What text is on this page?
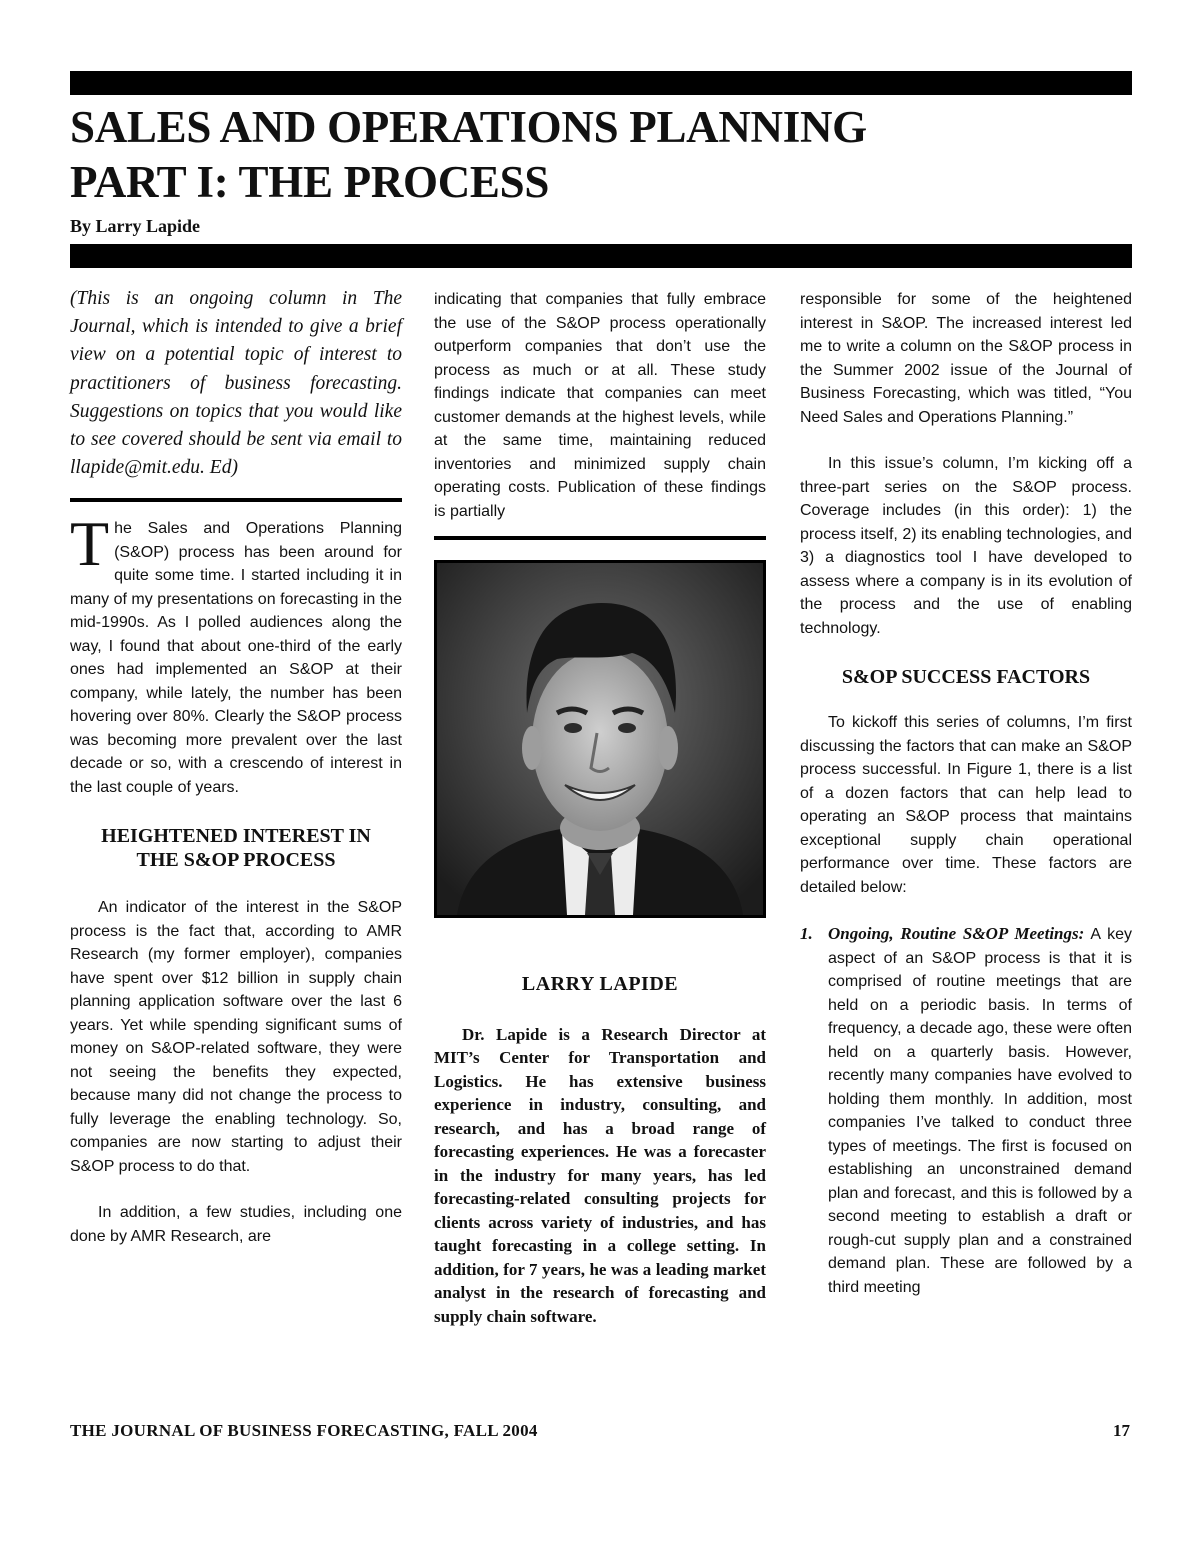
SALES AND OPERATIONS PLANNING
PART I: THE PROCESS
By Larry Lapide

(This is an ongoing column in The Journal, which is intended to give a brief view on a potential topic of interest to practitioners of business forecasting. Suggestions on topics that you would like to see covered should be sent via email to llapide@mit.edu. Ed)

The Sales and Operations Planning (S&OP) process has been around for quite some time. I started including it in many of my presentations on forecasting in the mid-1990s. As I polled audiences along the way, I found that about one-third of the early ones had implemented an S&OP at their company, while lately, the number has been hovering over 80%. Clearly the S&OP process was becoming more prevalent over the last decade or so, with a crescendo of interest in the last couple of years.

HEIGHTENED INTEREST IN
THE S&OP PROCESS

An indicator of the interest in the S&OP process is the fact that, according to AMR Research (my former employer), companies have spent over $12 billion in supply chain planning application software over the last 6 years. Yet while spending significant sums of money on S&OP-related software, they were not seeing the benefits they expected, because many did not change the process to fully leverage the enabling technology. So, companies are now starting to adjust their S&OP process to do that.

In addition, a few studies, including one done by AMR Research, are

indicating that companies that fully embrace the use of the S&OP process operationally outperform companies that don’t use the process as much or at all. These study findings indicate that companies can meet customer demands at the highest levels, while at the same time, maintaining reduced inventories and minimized supply chain operating costs. Publication of these findings is partially

LARRY LAPIDE

Dr. Lapide is a Research Director at MIT’s Center for Transportation and Logistics. He has extensive business experience in industry, consulting, and research, and has a broad range of forecasting experiences. He was a forecaster in the industry for many years, has led forecasting-related consulting projects for clients across variety of industries, and has taught forecasting in a college setting. In addition, for 7 years, he was a leading market analyst in the research of forecasting and supply chain software.

responsible for some of the heightened interest in S&OP. The increased interest led me to write a column on the S&OP process in the Summer 2002 issue of the Journal of Business Forecasting, which was titled, “You Need Sales and Operations Planning.”

In this issue’s column, I’m kicking off a three-part series on the S&OP process. Coverage includes (in this order): 1) the process itself, 2) its enabling technologies, and 3) a diagnostics tool I have developed to assess where a company is in its evolution of the process and the use of enabling technology.

S&OP SUCCESS FACTORS

To kickoff this series of columns, I’m first discussing the factors that can make an S&OP process successful. In Figure 1, there is a list of a dozen factors that can help lead to operating an S&OP process that maintains exceptional supply chain operational performance over time. These factors are detailed below:

1. Ongoing, Routine S&OP Meetings: A key aspect of an S&OP process is that it is comprised of routine meetings that are held on a periodic basis. In terms of frequency, a decade ago, these were often held on a quarterly basis. However, recently many companies have evolved to holding them monthly. In addition, most companies I’ve talked to conduct three types of meetings. The first is focused on establishing an unconstrained demand plan and forecast, and this is followed by a second meeting to establish a draft or rough-cut supply plan and a constrained demand plan. These are followed by a third meeting
THE JOURNAL OF BUSINESS FORECASTING, FALL 2004	17
